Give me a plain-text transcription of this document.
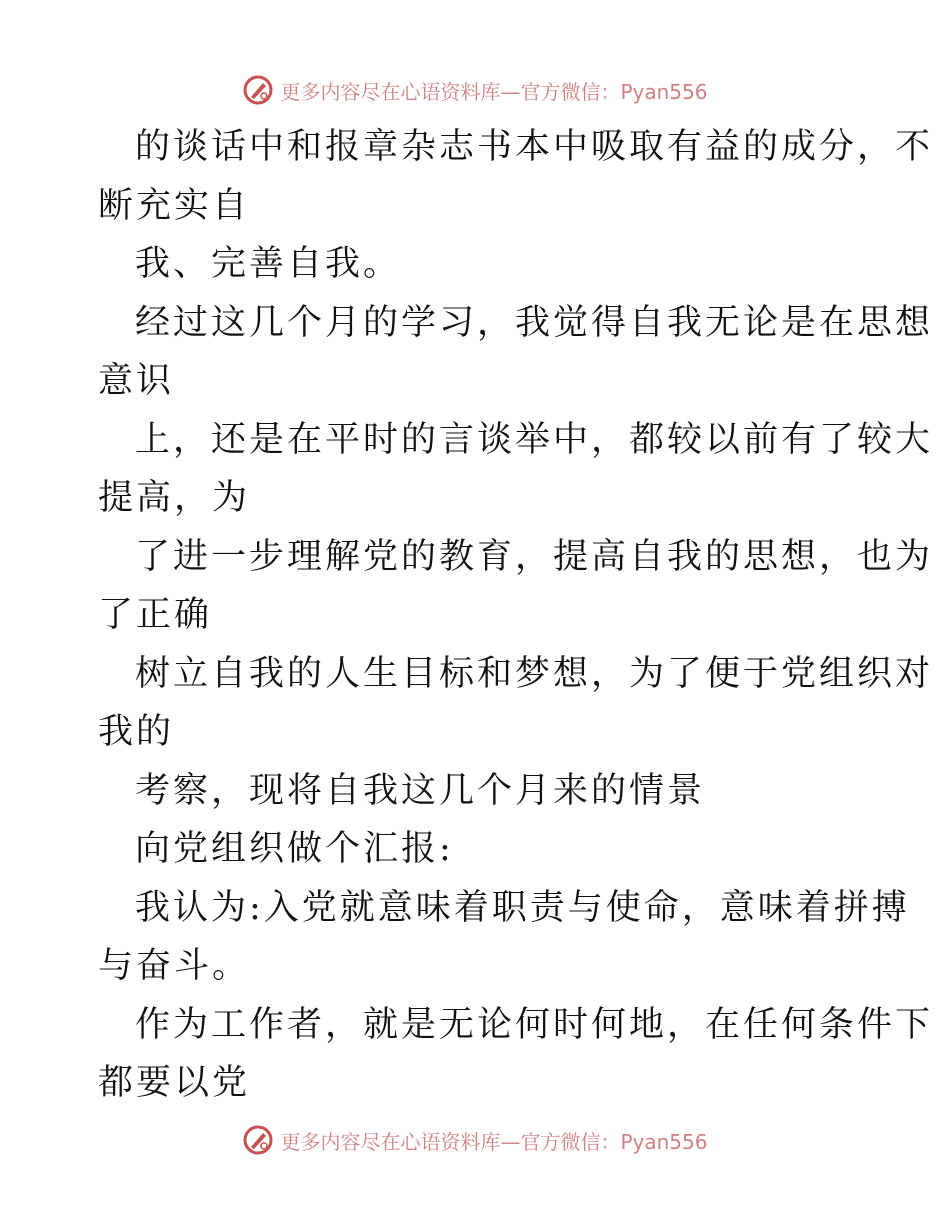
更多内容尽在心语资料库—官方微信：Pyan556
的谈话中和报章杂志书本中吸取有益的成分，不
断充实自
我、完善自我。
经过这几个月的学习，我觉得自我无论是在思想
意识
上，还是在平时的言谈举中，都较以前有了较大
提高，为
了进一步理解党的教育，提高自我的思想，也为
了正确
树立自我的人生目标和梦想，为了便于党组织对
我的
考察，现将自我这几个月来的情景
向党组织做个汇报:
我认为:入党就意味着职责与使命，意味着拼搏
与奋斗。
作为工作者，就是无论何时何地，在任何条件下
都要以党
更多内容尽在心语资料库—官方微信：Pyan556
